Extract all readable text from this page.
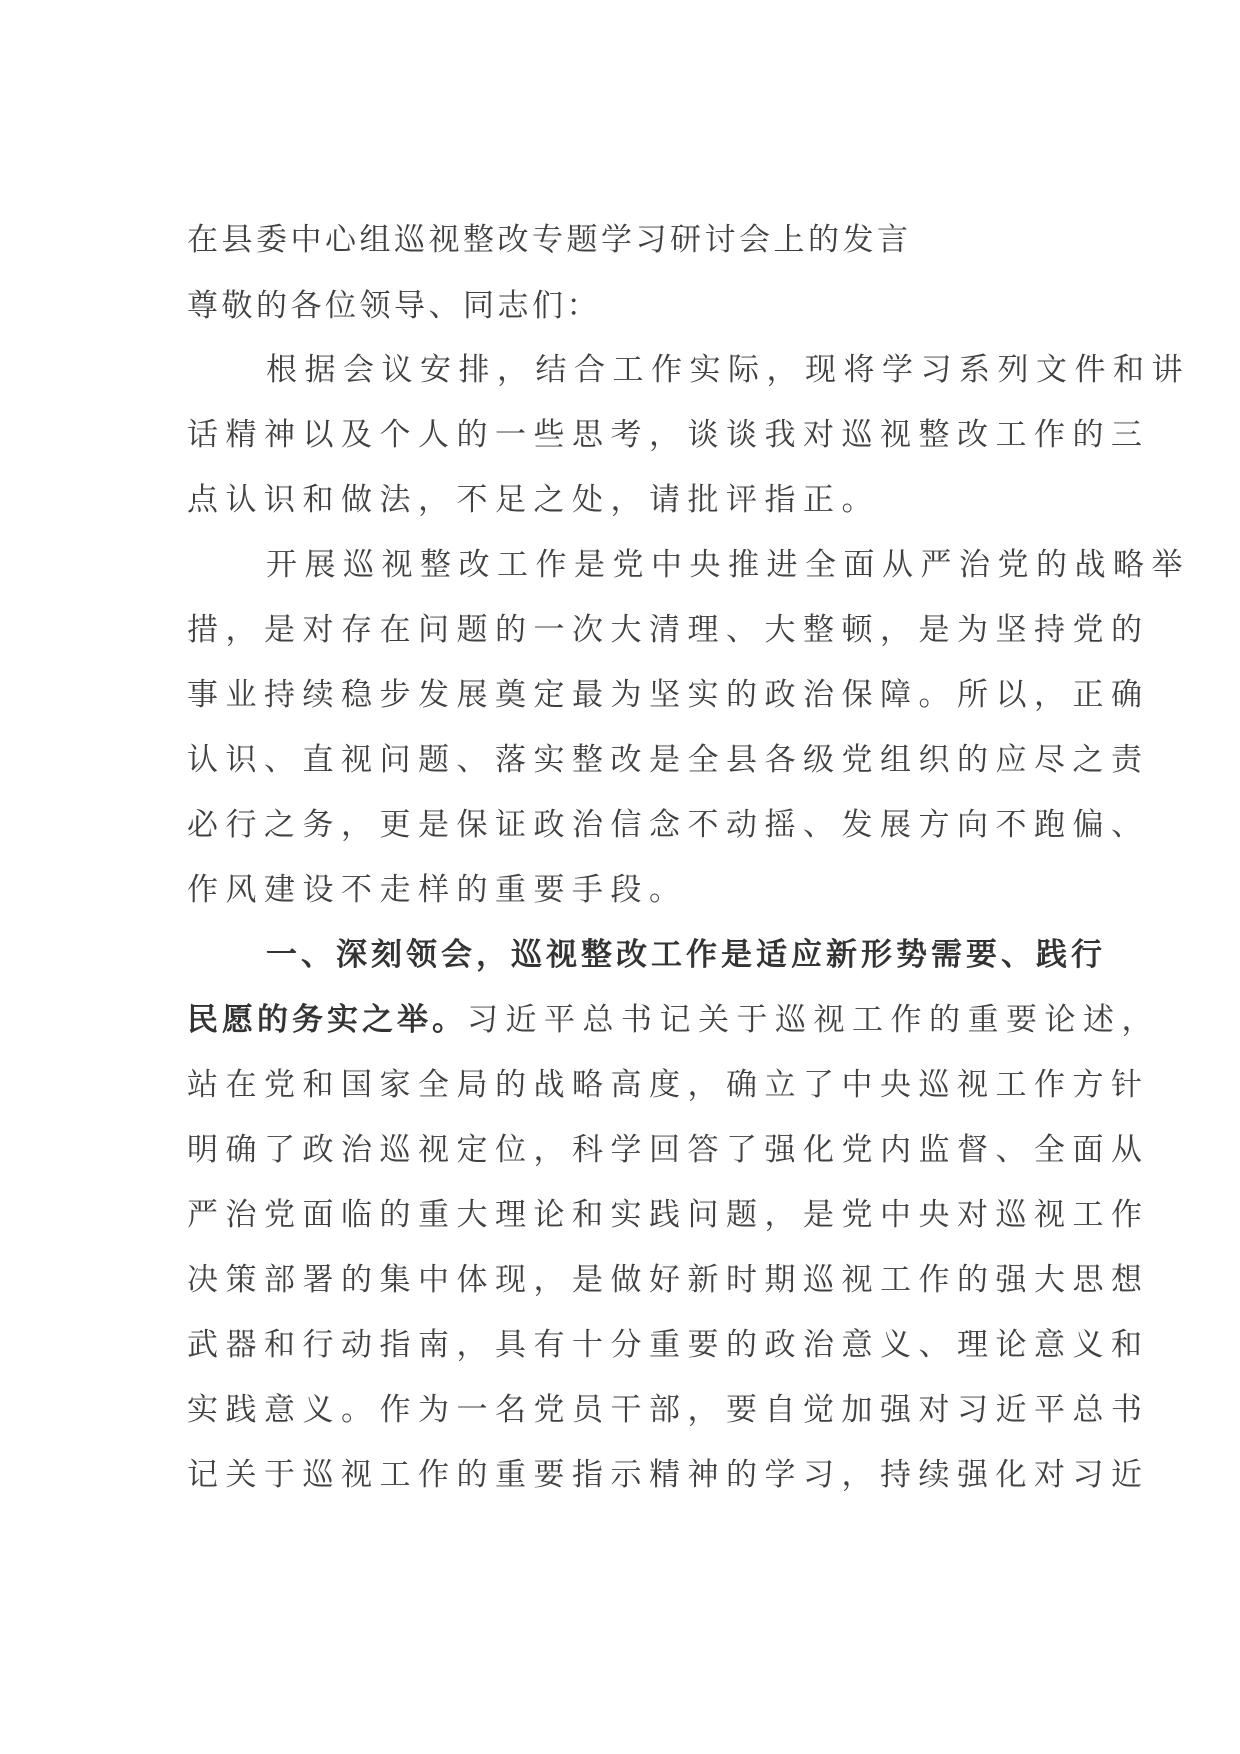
在县委中心组巡视整改专题学习研讨会上的发言

尊敬的各位领导、同志们：

根据会议安排，结合工作实际，现将学习系列文件和讲
话精神以及个人的一些思考，谈谈我对巡视整改工作的三
点认识和做法，不足之处，请批评指正。
开展巡视整改工作是党中央推进全面从严治党的战略举
措，是对存在问题的一次大清理、大整顿，是为坚持党的
事业持续稳步发展奠定最为坚实的政治保障。所以，正确
认识、直视问题、落实整改是全县各级党组织的应尽之责
必行之务，更是保证政治信念不动摇、发展方向不跑偏、
作风建设不走样的重要手段。
一、深刻领会，巡视整改工作是适应新形势需要、践行
民愿的务实之举。习近平总书记关于巡视工作的重要论述，
站在党和国家全局的战略高度，确立了中央巡视工作方针
明确了政治巡视定位，科学回答了强化党内监督、全面从
严治党面临的重大理论和实践问题，是党中央对巡视工作
决策部署的集中体现，是做好新时期巡视工作的强大思想
武器和行动指南，具有十分重要的政治意义、理论意义和
实践意义。作为一名党员干部，要自觉加强对习近平总书
记关于巡视工作的重要指示精神的学习，持续强化对习近
